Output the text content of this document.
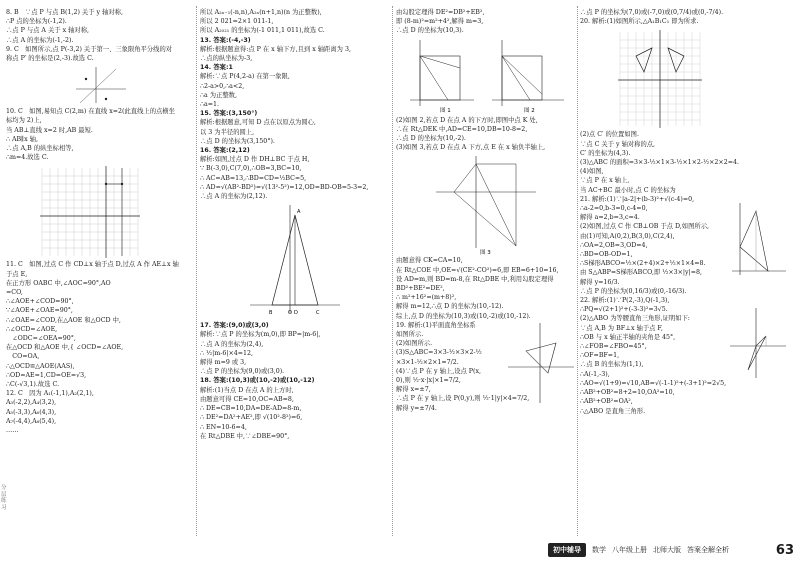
8. B　∵点 P 与点 B(1,2) 关于 y 轴对称,
∴P 点的坐标为(-1,2).
∴点 P 与点 A 关于 x 轴对称,
∴点 A 的坐标为(-1,-2).
9. C　如图所示,点 P(-3,2) 关于第一、三象限角平分线的对
称点 P′ 的坐标是(2,-3).故选 C.
10. C　如图,易知点 C(2,m) 在直线 x=2(此直线上的点横坐
标均为 2)上,
当 AB⊥直线 x=2 时,AB 最短.
∴ AB∥x 轴,
∴点 A,B 的纵坐标相等,
∴m=4.故选 C.
11. C　如图,过点 C 作 CD⊥x 轴于点 D,过点 A 作 AE⊥x 轴
于点 E,
在正方形 OABC 中,∠AOC=90°,AO
=CO,
∴∠AOE+∠COD=90°,
∵∠AOE+∠OAE=90°,
∴∠OAE=∠COD,在△AOE 和△OCD 中,
∴∠OCD=∠AOE,
　∠ODC=∠OEA=90°,
在△OCD 和△AOE 中,{ ∠OCD=∠AOE,
　CO=OA,
∴△OCD≌△AOE(AAS),
∴OD=AE=1,CD=OE=√3,
∴C(-√3,1).故选 C.
12. C　因为 A₁(-1,1),A₂(2,1),
A₃(-2,2),A₄(3,2),
A₅(-3,3),A₆(4,3),
A₇(-4,4),A₈(5,4),
……
所以 A₂ₙ₋₁(-n,n),A₂ₙ(n+1,n)(n 为正整数),
所以 2 021=2×1 011-1,
所以 A₂₀₂₁ 的坐标为(-1 011,1 011),故选 C.
13. 答案:(-4,-3)
解析:根据题意得:点 P 在 x 轴下方,且到 x 轴距离为 3,
∴点的纵坐标为-3,
14. 答案:1
解析:∵点 P(4,2-a) 在第一象限,
∴2-a>0,∴a<2,
∴a 为正整数,
∴a=1.
15. 答案:(3,150°)
解析:根据题意,可知 D 点在以原点为圆心,
以 3 为半径的圆上,
∴点 D 的坐标为(3,150°).
16. 答案:(2,12)
解析:如图,过点 D 作 DH⊥BC 于点 H,
∵ B(-3,0),C(7,0),∴OB=3,BC=10,
∴ AC=AB=13,∴BD=CD=½BC=5,
∴ AD=√(AB²-BD²)=√(13²-5²)=12,OD=BD-OB=5-3=2,
∴点 A 的坐标为(2,12).
B	O D	C
A
17. 答案:(9,0)或(3,0)
解析:∵点 P 的坐标为(m,0),即 BP=|m-6|,
∴点 A 的坐标为(2,4),
∴ ½|m-6|×4=12,
解得 m=9 或 3,
∴点 P 的坐标为(9,0)或(3,0).
18. 答案:(10,3)或(10,-2)或(10,-12)
解析:(1)当点 D 在点 A 的上方时,
由题意可得 CE=10,OC=AB=8,
∴ DE=CB=10,DA=DE-AD=8-m,
∴ DE²=DA²+AE²,即 √(10²-8²)=6,
∴ EN=10-6=4,
在 Rt△DBE 中,∵∠DBE=90°,
由勾股定理得 DE²=DB²+EB²,
即 (8-m)²=m²+4²,解得 m=3,
∴点 D 的坐标为(10,3).
图 1	图 2
(2)如图 2,若点 D 在点 A 的下方时,即图中点 K 处,
∴在 Rt△DEK 中,AD=CE=10,DB=10-8=2,
∴点 D 的坐标为(10,-2).
(3)如图 3,若点 D 在点 A 下方,点 E 在 x 轴负半轴上,
图 3
由题意得 CK=CA=10,
在 Rt△COE 中,OE=√(CE²-CO²)=6,即 EB=6+10=16,
设 AD=m,则 BD=m-8,在 Rt△DBE 中,利用勾股定理得
BD²+BE²=DE²,
∴ m²+16²=(m+8)²,
解得 m=12,∴点 D 的坐标为(10,-12).
综上,点 D 的坐标为(10,3)或(10,-2)或(10,-12).
19. 解析:(1)平面直角坐标系
如图所示.
(2)如图所示.
(3)S△ABC=3×3-½×3×2-½
×3×1-½×2×1=7/2.
(4)∵点 P 在 y 轴上,设点 P(x,
0),则 ½·x·|x|×1=7/2,
解得 x=±7,
∴点 P 在 y 轴上,设 P(0,y),则 ½·1|y|×4=7/2,
解得 y=±7/4.
∴点 P 的坐标为(7,0)或(-7,0)或(0,7/4)或(0,-7/4).
20. 解析:(1)如图所示,△A₁B₁C₁ 即为所求.
(2)点 C′ 的位置如图.
∵点 C 关于 y 轴对称的点,
C′ 的坐标为(4,3).
(3)△ABC 的面积=3×3-½×1×3-½×1×2-½×2×2=4.
(4)如图,
∵点 P 在 x 轴上,
当 AC+BC 最小时,点 C 的坐标为
21. 解析:(1)∵|a-2|+(b-3)²+√(c-4)=0,
∴a-2=0,b-3=0,c-4=0,
解得 a=2,b=3,c=4.
(2)如图,过点 C 作 CB⊥OB 于点 D,如图所示,
由(1)可知,A(0,2),B(3,0),C(2,4),
∴OA=2,OB=3,OD=4,
∴BD=OB-OD=1,
∴S梯形ABCO=½×(2+4)×2+½×1×4=8.
由 S△ABP=S梯形ABCO,即 ½×3×|y|=8,
解得 y=16/3.
∴点 P 的坐标为(0,16/3)或(0,-16/3).
22. 解析:(1)∵P(2,-3),Q(-1,3),
∴PQ=√(2+1)²+(-3-3)²=3√5.
(2)△ABO 为等腰直角三角形,证明如下:
∵点 A,B 为 BF⊥x 轴于点 F,
∴OB 与 x 轴正半轴的夹角是 45°,
∴∠FOB=∠FBO=45°,
∴OF=BF=1,
∴点 B 的坐标为(1,1),
∴A(-1,-3),
∴AO=√(1+9)=√10,AB=√(-1-1)²+(-3+1)²=2√5,
∴AB²+OB²=8+2=10,OA²=10,
∴AB²+OB²=OA²,
∴△ABO 是直角三角形.
分层练习
初中辅导	数学 八年级上册 北师大版 答案全解全析	63
